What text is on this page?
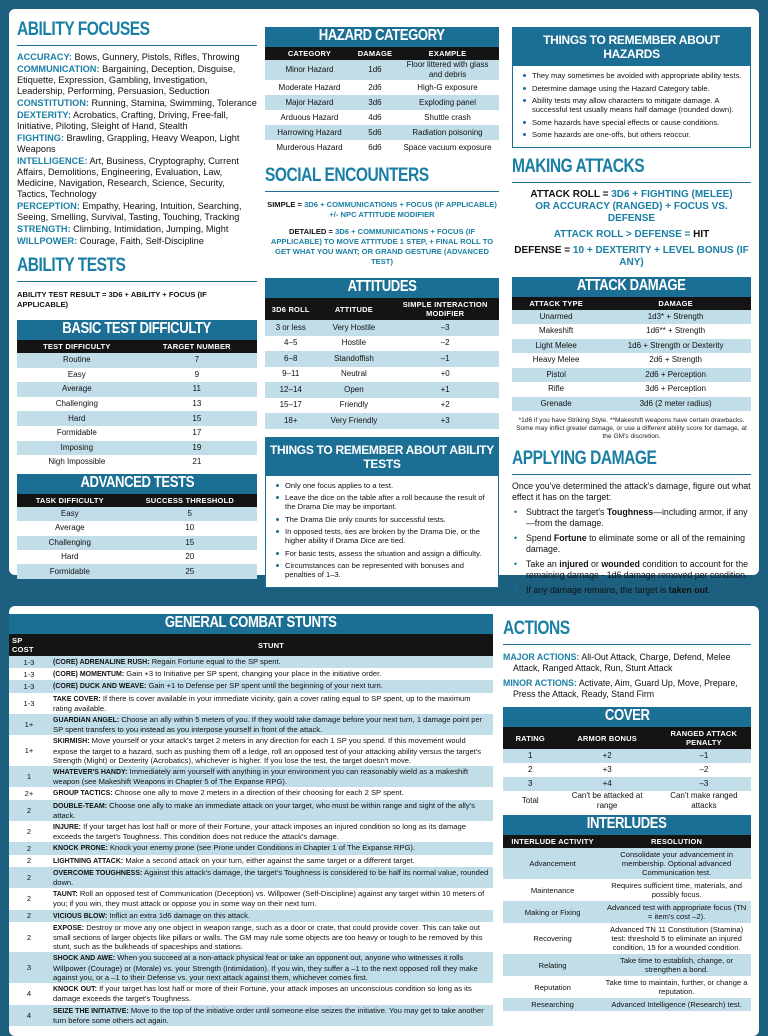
ABILITY FOCUSES
ACCURACY: Bows, Gunnery, Pistols, Rifles, Throwing
COMMUNICATION: Bargaining, Deception, Disguise, Etiquette, Expression, Gambling, Investigation, Leadership, Performing, Persuasion, Seduction
CONSTITUTION: Running, Stamina, Swimming, Tolerance
DEXTERITY: Acrobatics, Crafting, Driving, Free-fall, Initiative, Piloting, Sleight of Hand, Stealth
FIGHTING: Brawling, Grappling, Heavy Weapon, Light Weapons
INTELLIGENCE: Art, Business, Cryptography, Current Affairs, Demolitions, Engineering, Evaluation, Law, Medicine, Navigation, Research, Science, Security, Tactics, Technology
PERCEPTION: Empathy, Hearing, Intuition, Searching, Seeing, Smelling, Survival, Tasting, Touching, Tracking
STRENGTH: Climbing, Intimidation, Jumping, Might
WILLPOWER: Courage, Faith, Self-Discipline
ABILITY TESTS
ABILITY TEST RESULT = 3D6 + ABILITY + FOCUS (IF APPLICABLE)
BASIC TEST DIFFICULTY
TEST DIFFICULTY	TARGET NUMBER
Routine	7
Easy	9
Average	11
Challenging	13
Hard	15
Formidable	17
Imposing	19
Nigh Impossible	21
ADVANCED TESTS
TASK DIFFICULTY	SUCCESS THRESHOLD
Easy	5
Average	10
Challenging	15
Hard	20
Formidable	25
HAZARD CATEGORY
CATEGORY	DAMAGE	EXAMPLE
Minor Hazard	1d6	Floor littered with glass and debris
Moderate Hazard	2d6	High-G exposure
Major Hazard	3d6	Exploding panel
Arduous Hazard	4d6	Shuttle crash
Harrowing Hazard	5d6	Radiation poisoning
Murderous Hazard	6d6	Space vacuum exposure
SOCIAL ENCOUNTERS
SIMPLE = 3D6 + COMMUNICATIONS + FOCUS (IF APPLICABLE) +/- NPC ATTITUDE MODIFIER
DETAILED = 3D6 + COMMUNICATIONS + FOCUS (IF APPLICABLE) TO MOVE ATTITUDE 1 STEP, + FINAL ROLL TO GET WHAT YOU WANT; OR GRAND GESTURE (ADVANCED TEST)
ATTITUDES
3D6 ROLL	ATTITUDE	SIMPLE INTERACTION MODIFIER
3 or less	Very Hostile	–3
4–5	Hostile	–2
6–8	Standoffish	–1
9–11	Neutral	+0
12–14	Open	+1
15–17	Friendly	+2
18+	Very Friendly	+3
THINGS TO REMEMBER ABOUT ABILITY TESTS
Only one focus applies to a test.
Leave the dice on the table after a roll because the result of the Drama Die may be important.
The Drama Die only counts for successful tests.
In opposed tests, ties are broken by the Drama Die, or the higher ability if Drama Dice are tied.
For basic tests, assess the situation and assign a difficulty.
Circumstances can be represented with bonuses and penalties of 1–3.
THINGS TO REMEMBER ABOUT HAZARDS
They may sometimes be avoided with appropriate ability tests.
Determine damage using the Hazard Category table.
Ability tests may allow characters to mitigate damage. A successful test usually means half damage (rounded down).
Some hazards have special effects or cause conditions.
Some hazards are one-offs, but others reoccur.
MAKING ATTACKS
ATTACK ROLL = 3D6 + FIGHTING (MELEE)
OR ACCURACY (RANGED) + FOCUS VS. DEFENSE
ATTACK ROLL > DEFENSE = HIT
DEFENSE = 10 + DEXTERITY + LEVEL BONUS (IF ANY)
ATTACK DAMAGE
ATTACK TYPE	DAMAGE
Unarmed	1d3* + Strength
Makeshift	1d6** + Strength
Light Melee	1d6 + Strength or Dexterity
Heavy Melee	2d6 + Strength
Pistol	2d6 + Perception
Rifle	3d6 + Perception
Grenade	3d6 (2 meter radius)
*1d6 if you have Striking Style. **Makeshift weapons have certain drawbacks. Some may inflict greater damage, or use a different ability score for damage, at the GM's discretion.
APPLYING DAMAGE
Once you've determined the attack's damage, figure out what effect it has on the target:
• Subtract the target's Toughness—including armor, if any—from the damage.
• Spend Fortune to eliminate some or all of the remaining damage.
• Take an injured or wounded condition to account for the remaining damage - 1d6 damage removed per condition.
• If any damage remains, the target is taken out.
GENERAL COMBAT STUNTS
SP COST	STUNT
1-3	(CORE) ADRENALINE RUSH: Regain Fortune equal to the SP spent.
1-3	(CORE) MOMENTUM: Gain +3 to Initiative per SP spent, changing your place in the initiative order.
1-3	(CORE) DUCK AND WEAVE: Gain +1 to Defense per SP spent until the beginning of your next turn.
1-3	TAKE COVER: If there is cover available in your immediate vicinity, gain a cover rating equal to SP spent, up to the maximum rating available.
1+	GUARDIAN ANGEL: Choose an ally within 5 meters of you. If they would take damage before your next turn, 1 damage point per SP spent transfers to you instead as you interpose yourself in front of the attack.
1+	SKIRMISH: Move yourself or your attack's target 2 meters in any direction for each 1 SP you spend. If this movement would expose the target to a hazard, such as pushing them off a ledge, roll an opposed test of your attacking ability versus the target's Strength (Might) or Dexterity (Acrobatics), whichever is higher. If you lose the test, the target doesn't move.
1	WHATEVER'S HANDY: Immediately arm yourself with anything in your environment you can reasonably wield as a makeshift weapon (see Makeshift Weapons in Chapter 5 of The Expanse RPG).
2+	GROUP TACTICS: Choose one ally to move 2 meters in a direction of their choosing for each 2 SP spent.
2	DOUBLE-TEAM: Choose one ally to make an immediate attack on your target, who must be within range and sight of the ally's attack.
2	INJURE: If your target has lost half or more of their Fortune, your attack imposes an injured condition so long as its damage exceeds the target's Toughness. This condition does not reduce the attack's damage.
2	KNOCK PRONE: Knock your enemy prone (see Prone under Conditions in Chapter 1 of The Expanse RPG).
2	LIGHTNING ATTACK: Make a second attack on your turn, either against the same target or a different target.
2	OVERCOME TOUGHNESS: Against this attack's damage, the target's Toughness is considered to be half its normal value, rounded down.
2	TAUNT: Roll an opposed test of Communication (Deception) vs. Willpower (Self-Discipline) against any target within 10 meters of you; if you win, they must attack or oppose you in some way on their next turn.
2	VICIOUS BLOW: Inflict an extra 1d6 damage on this attack.
2	EXPOSE: Destroy or move any one object in weapon range, such as a door or crate, that could provide cover. This can take out small sections of larger objects like pillars or walls. The GM may rule some objects are too heavy or tough to be removed by this stunt, such as the bulkheads of spaceships and stations.
3	SHOCK AND AWE: When you succeed at a non-attack physical feat or take an opponent out, anyone who witnesses it rolls Willpower (Courage) or (Morale) vs. your Strength (Intimidation). If you win, they suffer a –1 to the next opposed roll they make against you, or a –1 to their Defense vs. your next attack against them, whichever comes first.
4	KNOCK OUT: If your target has lost half or more of their Fortune, your attack imposes an unconscious condition so long as its damage exceeds the target's Toughness.
4	SEIZE THE INITIATIVE: Move to the top of the initiative order until someone else seizes the initiative. You may get to take another turn before some others act again.
ACTIONS
MAJOR ACTIONS: All-Out Attack, Charge, Defend, Melee Attack, Ranged Attack, Run, Stunt Attack
MINOR ACTIONS: Activate, Aim, Guard Up, Move, Prepare, Press the Attack, Ready, Stand Firm
COVER
RATING	ARMOR BONUS	RANGED ATTACK PENALTY
1	+2	–1
2	+3	–2
3	+4	–3
Total	Can't be attacked at range	Can't make ranged attacks
INTERLUDES
INTERLUDE ACTIVITY	RESOLUTION
Advancement	Consolidate your advancement in membership. Optional advanced Communication test.
Maintenance	Requires sufficient time, materials, and possibly focus.
Making or Fixing	Advanced test with appropriate focus (TN = item's cost –2).
Recovering	Advanced TN 11 Constitution (Stamina) test: threshold 5 to eliminate an injured condition, 15 for a wounded condition.
Relating	Take time to establish, change, or strengthen a bond.
Reputation	Take time to maintain, further, or change a reputation.
Researching	Advanced Intelligence (Research) test.
